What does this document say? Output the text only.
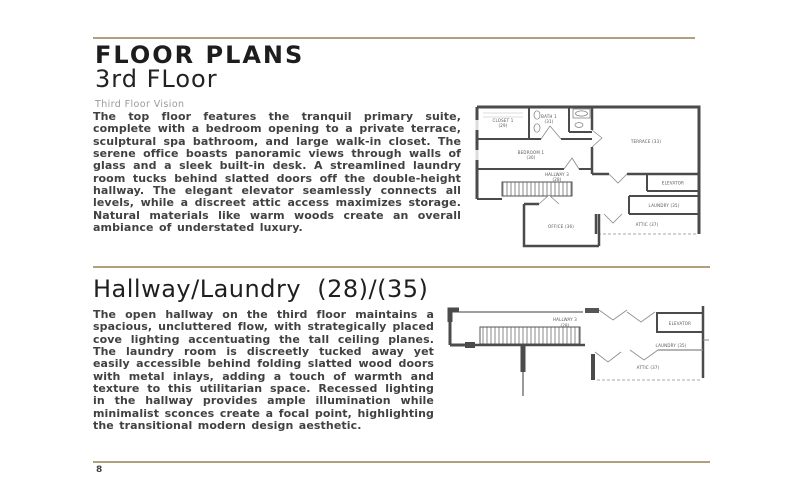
FLOOR PLANS
3rd FLoor
Third Floor Vision
The top floor features the tranquil primary suite, complete with a bedroom opening to a private terrace, sculptural spa bathroom, and large walk-in closet. The serene office boasts panoramic views through walls of glass and a sleek built-in desk. A streamlined laundry room tucks behind slatted doors off the double-height hallway. The elegant elevator seamlessly connects all levels, while a discreet attic access maximizes storage. Natural materials like warm woods create an overall ambiance of understated luxury.
CLOSET 1
(29)
BATH 1
(31)
BEDROOM 1
(30)
TERRACE (33)
HALLWAY 3
(28)
ELEVATOR
LAUNDRY (35)
ATTIC (37)
OFFICE (36)
Hallway/Laundry  (28)/(35)
The open hallway on the third floor maintains a spacious, uncluttered flow, with strategically placed cove lighting accentuating the tall ceiling planes. The laundry room is discreetly tucked away yet easily accessible behind folding slatted wood doors with metal inlays, adding a touch of warmth and texture to this utilitarian space. Recessed lighting in the hallway provides ample illumination while minimalist sconces create a focal point, highlighting the transitional modern design aesthetic.
HALLWAY 3
(28)	ELEVATOR
LAUNDRY (35)
ATTIC (37)
8
